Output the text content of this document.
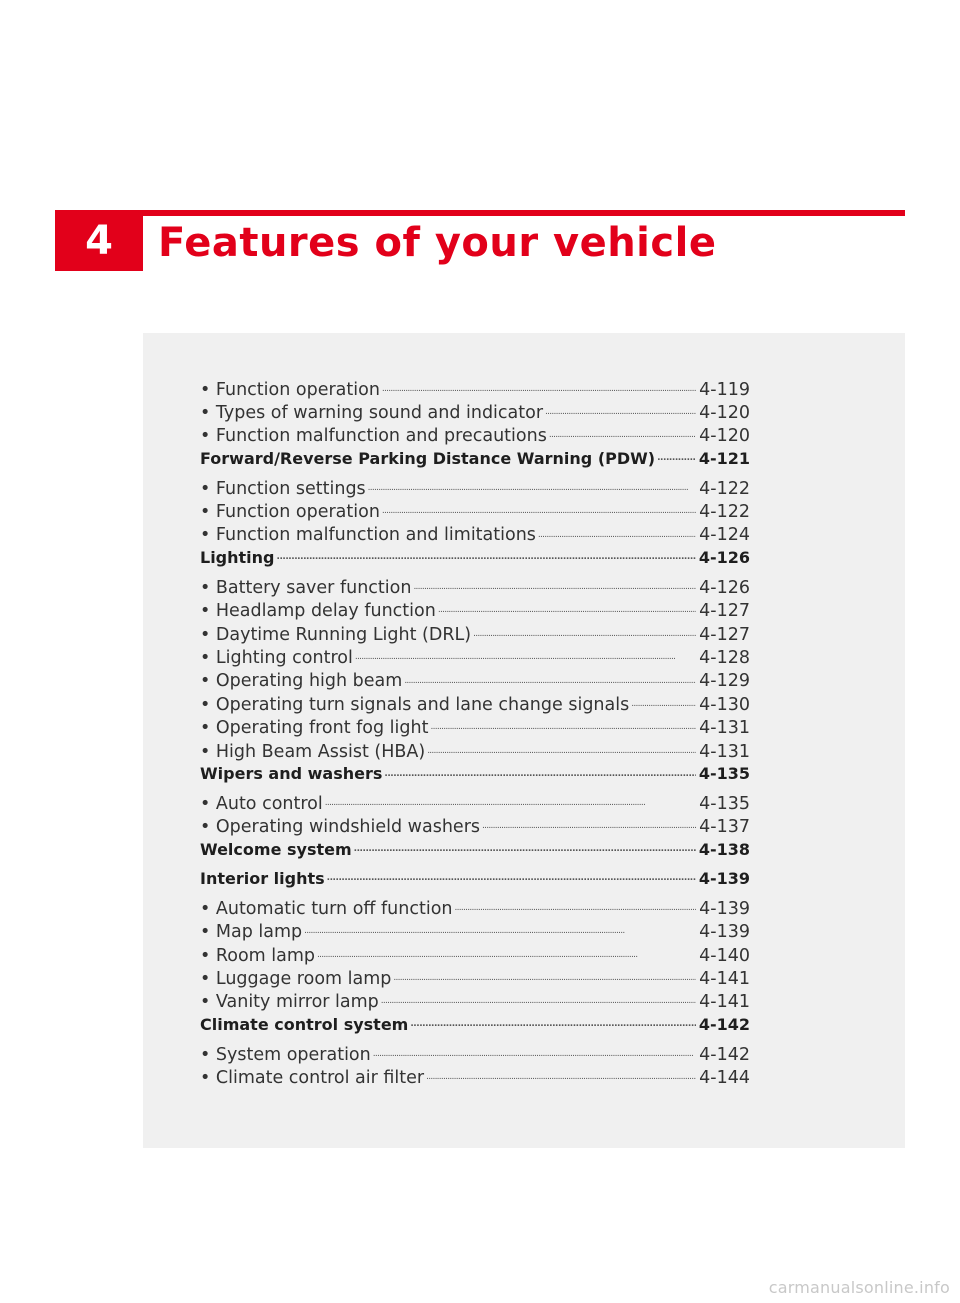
4	Features of your vehicle
• Function operation . . .	4-119
• Types of warning sound and indicator . . .	4-120
• Function malfunction and precautions . . .	4-120
Forward/Reverse Parking Distance Warning (PDW) . . .	4-121
• Function settings . . .	4-122
• Function operation . . .	4-122
• Function malfunction and limitations . . .	4-124
Lighting . . .	4-126
• Battery saver function . . .	4-126
• Headlamp delay function . . .	4-127
• Daytime Running Light (DRL) . . .	4-127
• Lighting control . . .	4-128
• Operating high beam . . .	4-129
• Operating turn signals and lane change signals . . .	4-130
• Operating front fog light . . .	4-131
• High Beam Assist (HBA) . . .	4-131
Wipers and washers . . .	4-135
• Auto control . . .	4-135
• Operating windshield washers . . .	4-137
Welcome system . . .	4-138
Interior lights . . .	4-139
• Automatic turn off function . . .	4-139
• Map lamp . . .	4-139
• Room lamp . . .	4-140
• Luggage room lamp . . .	4-141
• Vanity mirror lamp . . .	4-141
Climate control system . . .	4-142
• System operation . . .	4-142
• Climate control air filter . . .	4-144
carmanualsonline.info
